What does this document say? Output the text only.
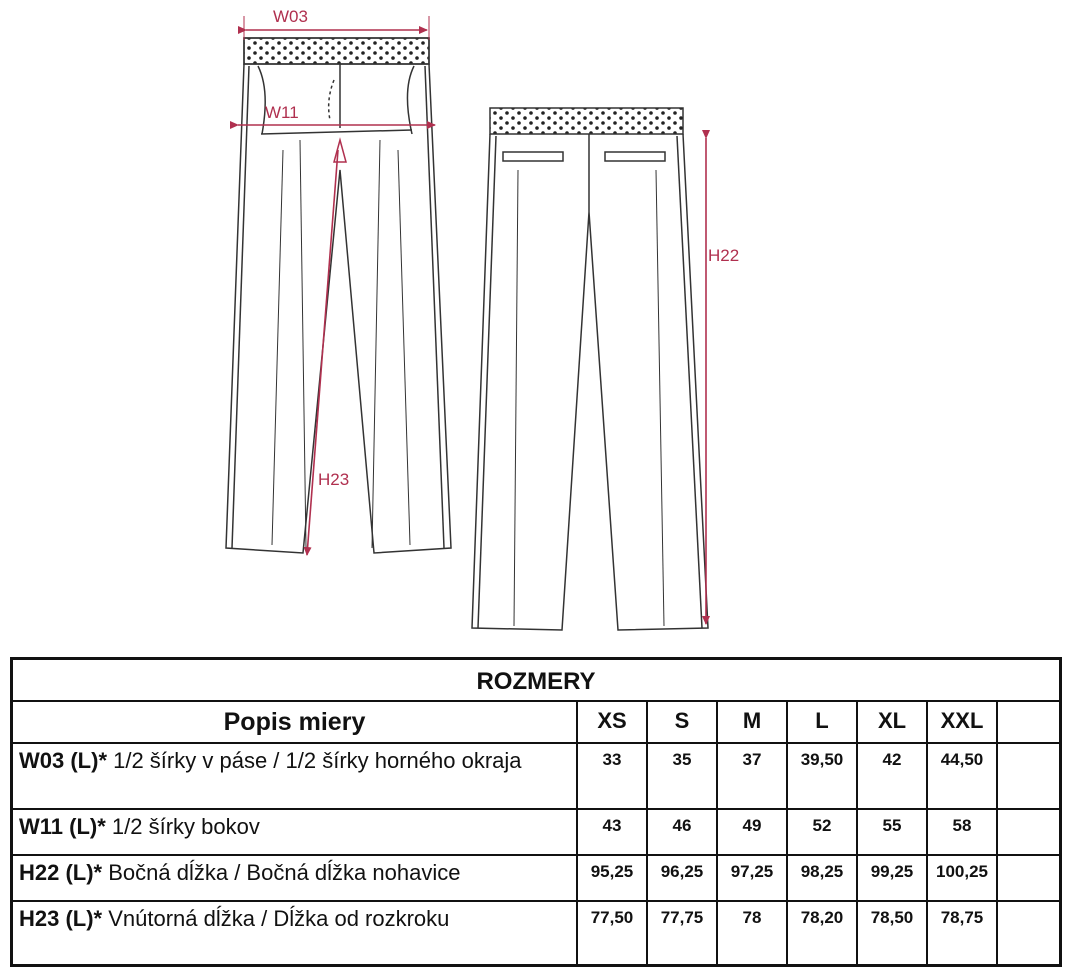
W03
W11
H22
H23
ROZMERY
Popis miery	XS	S	M	L	XL	XXL
W03 (L)* 1/2 šírky v páse / 1/2 šírky horného okraja	33	35	37	39,50	42	44,50
W11 (L)* 1/2 šírky bokov	43	46	49	52	55	58
H22 (L)* Bočná dĺžka / Bočná dĺžka nohavice	95,25	96,25	97,25	98,25	99,25	100,25
H23 (L)* Vnútorná dĺžka / Dĺžka od rozkroku	77,50	77,75	78	78,20	78,50	78,75
